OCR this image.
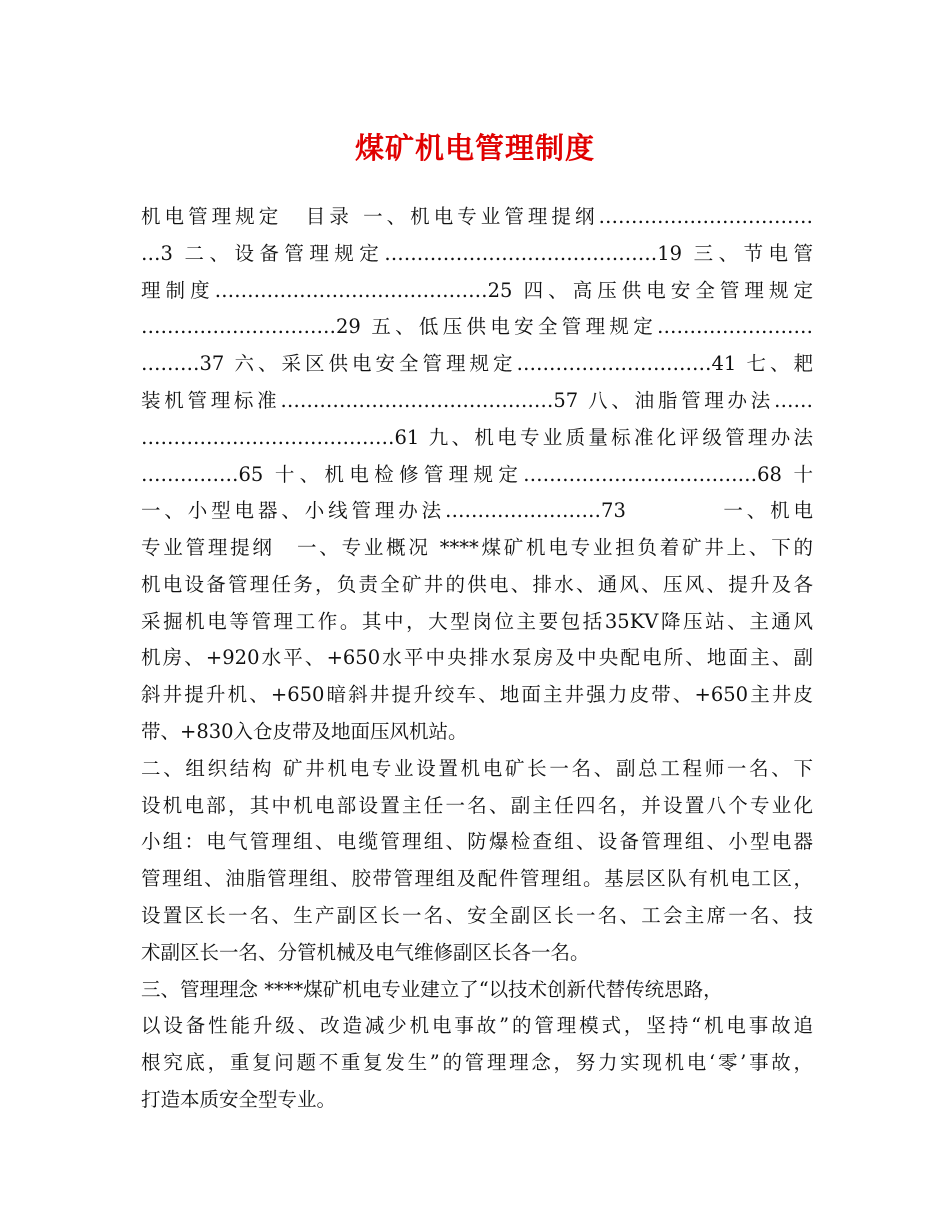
煤矿机电管理制度
机电管理规定　目录 一、机电专业管理提纲……………………………
…3 二、设备管理规定……………………………………19 三、节电管
理制度……………………………………25 四、高压供电安全管理规定
…………………………29 五、低压供电安全管理规定……………………
………37 六、采区供电安全管理规定…………………………41 七、耙
装机管理标准……………………………………57 八、油脂管理办法……
…………………………………61 九、机电专业质量标准化评级管理办法
……………65 十、机电检修管理规定………………………………68 十
一、小型电器、小线管理办法……………………73　　　　一、机电
专业管理提纲　一、专业概况 ****煤矿机电专业担负着矿井上、下的
机电设备管理任务，负责全矿井的供电、排水、通风、压风、提升及各
采掘机电等管理工作。其中，大型岗位主要包括35KV降压站、主通风
机房、+920水平、+650水平中央排水泵房及中央配电所、地面主、副
斜井提升机、+650暗斜井提升绞车、地面主井强力皮带、+650主井皮
带、+830入仓皮带及地面压风机站。
二、组织结构 矿井机电专业设置机电矿长一名、副总工程师一名、下
设机电部，其中机电部设置主任一名、副主任四名，并设置八个专业化
小组：电气管理组、电缆管理组、防爆检查组、设备管理组、小型电器
管理组、油脂管理组、胶带管理组及配件管理组。基层区队有机电工区，
设置区长一名、生产副区长一名、安全副区长一名、工会主席一名、技
术副区长一名、分管机械及电气维修副区长各一名。
三、管理理念 ****煤矿机电专业建立了“以技术创新代替传统思路，
以设备性能升级、改造减少机电事故”的管理模式，坚持“机电事故追
根究底，重复问题不重复发生”的管理理念，努力实现机电‘零’事故，
打造本质安全型专业。
